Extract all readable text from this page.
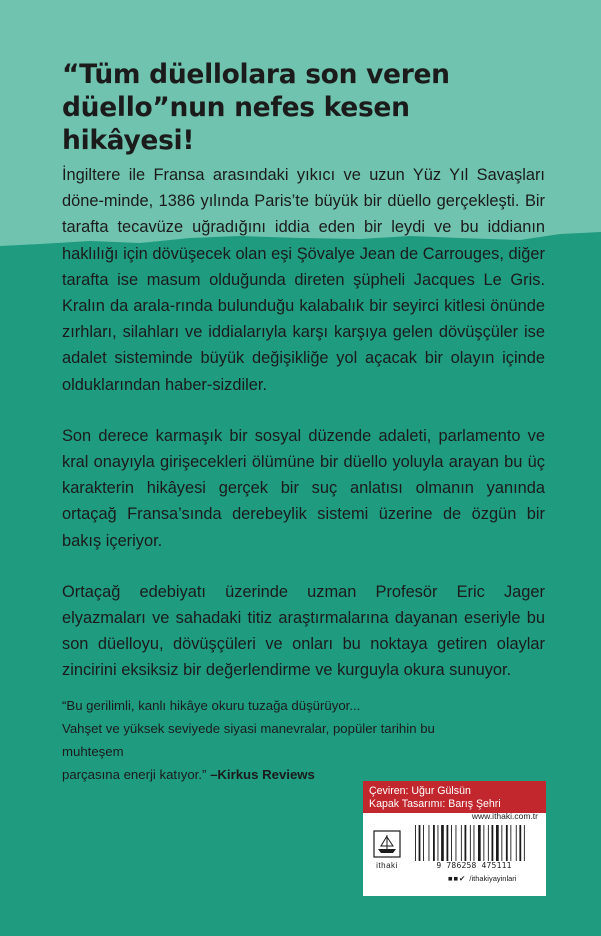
“Tüm düellolara son veren
düello”nun nefes kesen
hikâyesi!

İngiltere ile Fransa arasındaki yıkıcı ve uzun Yüz Yıl Savaşları döne-minde, 1386 yılında Paris’te büyük bir düello gerçekleşti. Bir tarafta tecavüze uğradığını iddia eden bir leydi ve bu iddianın haklılığı için dövüşecek olan eşi Şövalye Jean de Carrouges, diğer tarafta ise masum olduğunda direten şüpheli Jacques Le Gris. Kralın da arala-rında bulunduğu kalabalık bir seyirci kitlesi önünde zırhları, silahları ve iddialarıyla karşı karşıya gelen dövüşçüler ise adalet sisteminde büyük değişikliğe yol açacak bir olayın içinde olduklarından haber-sizdiler.

Son derece karmaşık bir sosyal düzende adaleti, parlamento ve kral onayıyla girişecekleri ölümüne bir düello yoluyla arayan bu üç karakterin hikâyesi gerçek bir suç anlatısı olmanın yanında ortaçağ Fransa’sında derebeylik sistemi üzerine de özgün bir bakış içeriyor.

Ortaçağ edebiyatı üzerinde uzman Profesör Eric Jager elyazmaları ve sahadaki titiz araştırmalarına dayanan eseriyle bu son düelloyu, dövüşçüleri ve onları bu noktaya getiren olaylar zincirini eksiksiz bir değerlendirme ve kurguyla okura sunuyor.

“Bu gerilimli, kanlı hikâye okuru tuzağa düşürüyor...
Vahşet ve yüksek seviyede siyasi manevralar, popüler tarihin bu muhteşem
parçasına enerji katıyor.” –Kirkus Reviews
Çeviren: Uğur Gülsün
Kapak Tasarımı: Barış Şehri
www.ithaki.com.tr
ithaki	9 786258 475111
■■✔ /ithakiyayinlari
